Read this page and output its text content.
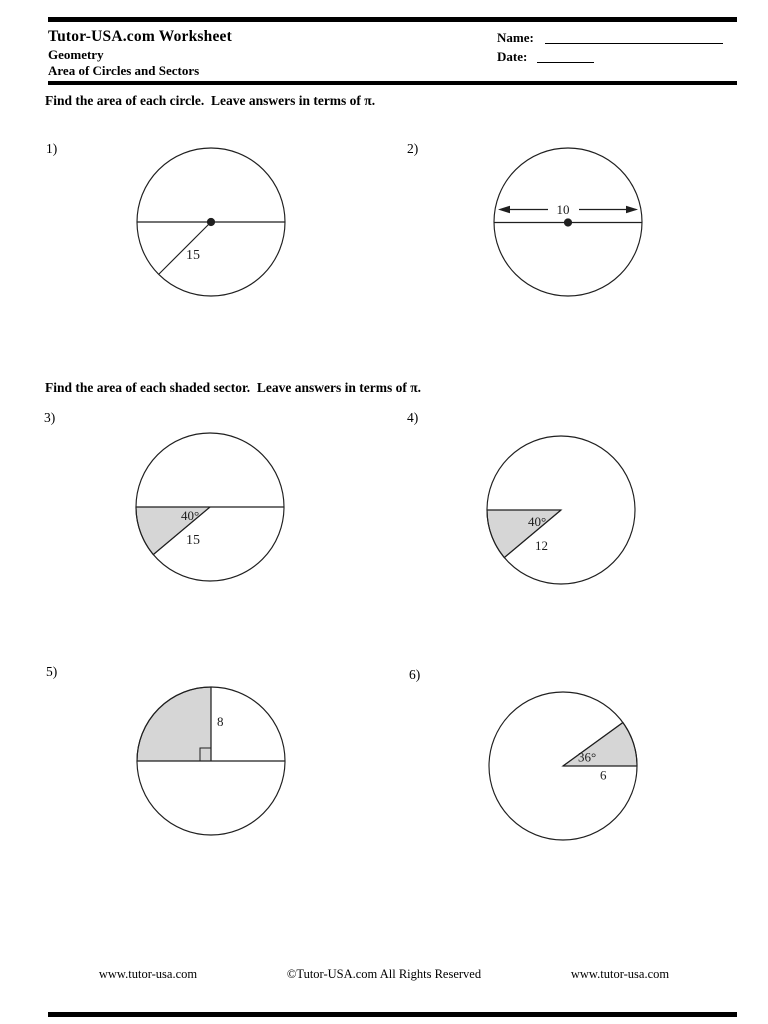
Tutor-USA.com Worksheet
Geometry
Area of Circles and Sectors
Name:
Date:
Find the area of each circle.  Leave answers in terms of π.
1)
15
2)
10
Find the area of each shaded sector.  Leave answers in terms of π.
3)
40°
15
4)
40°
12
5)
8
6)
36°
6
www.tutor-usa.com	©Tutor-USA.com All Rights Reserved	www.tutor-usa.com
